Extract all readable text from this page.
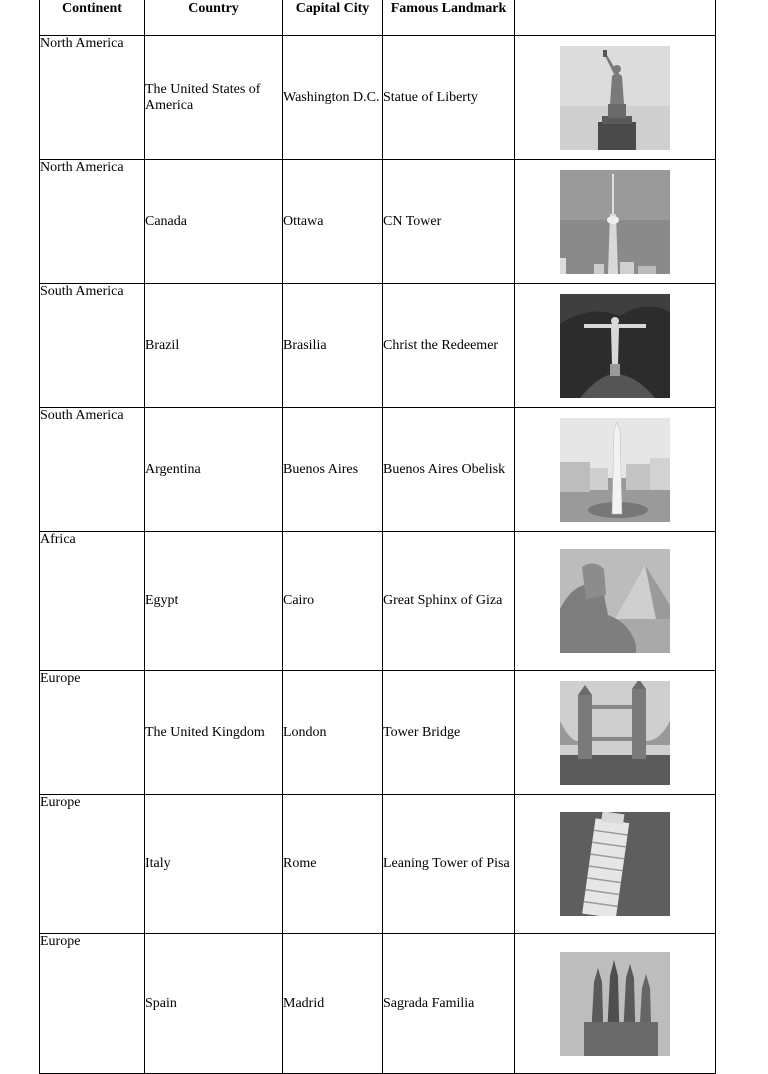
Continent	Country	Capital City	Famous Landmark	
North America	The United States of America	Washington D.C.	Statue of Liberty	

North America	Canada	Ottawa	CN Tower	

South America	Brazil	Brasilia	Christ the Redeemer	

South America	Argentina	Buenos Aires	Buenos Aires Obelisk	

Africa	Egypt	Cairo	Great Sphinx of Giza	

Europe	The United Kingdom	London	Tower Bridge	

Europe	Italy	Rome	Leaning Tower of Pisa	

Europe	Spain	Madrid	Sagrada Familia	
